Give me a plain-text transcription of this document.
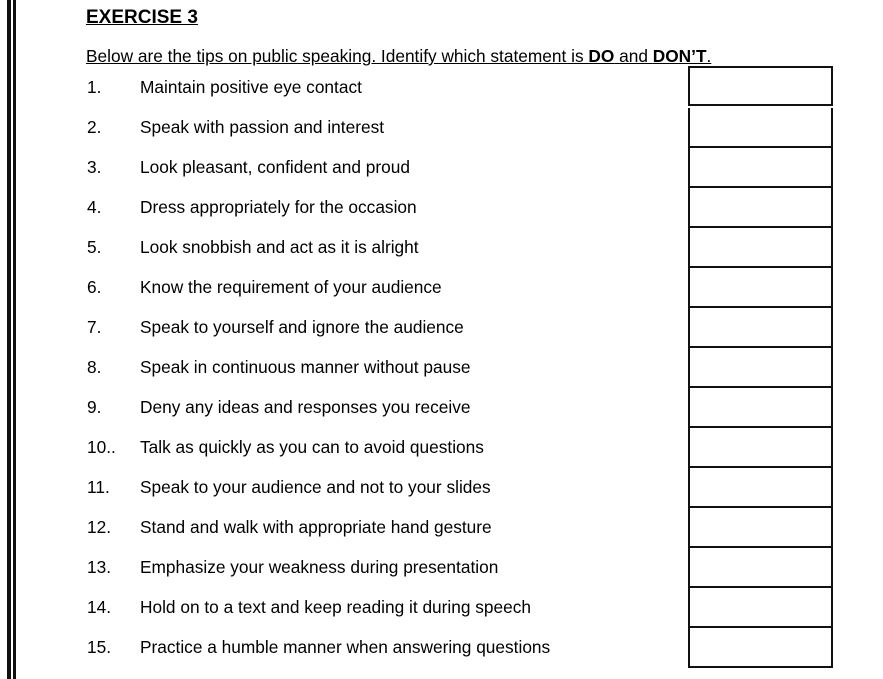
EXERCISE 3
Below are the tips on public speaking. Identify which statement is DO and DON’T.
1. Maintain positive eye contact
2. Speak with passion and interest
3. Look pleasant, confident and proud
4. Dress appropriately for the occasion
5. Look snobbish and act as it is alright
6. Know the requirement of your audience
7. Speak to yourself and ignore the audience
8. Speak in continuous manner without pause
9. Deny any ideas and responses you receive
10.. Talk as quickly as you can to avoid questions
11. Speak to your audience and not to your slides
12. Stand and walk with appropriate hand gesture
13. Emphasize your weakness during presentation
14. Hold on to a text and keep reading it during speech
15. Practice a humble manner when answering questions
